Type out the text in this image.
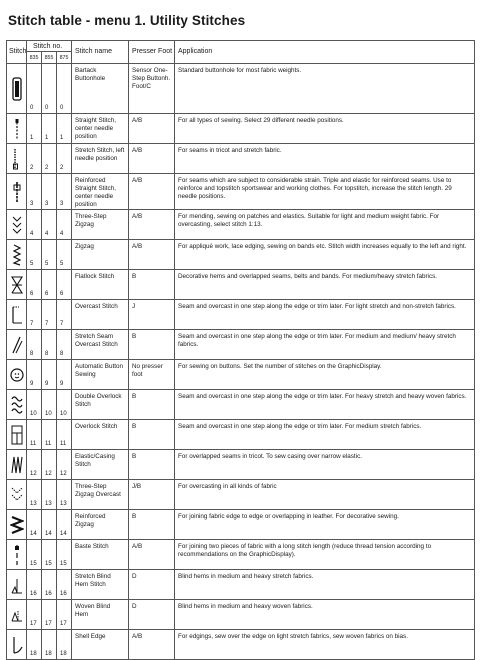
Stitch table - menu 1. Utility Stitches
Stitch	Stitch no.			Stitch name	Presser Foot	Application
	835	855	875			

0	0	0	Bartack Buttonhole	Sensor One-Step Buttonh. Foot/C	Standard buttonhole for most fabric weights.

1	1	1	Straight Stitch, center needle position	A/B	For all types of sewing. Select 29 different needle positions.

2	2	2	Stretch Stitch, left needle position	A/B	For seams in tricot and stretch fabric.

3	3	3	Reinforced Straight Stitch, center needle position	A/B	For seams which are subject to considerable strain. Triple and elastic for reinforced seams. Use to reinforce and topstitch sportswear and working clothes. For topstitch, increase the stitch length. 29 needle positions.

4	4	4	Three-Step Zigzag	A/B	For mending, sewing on patches and elastics. Suitable for light and medium weight fabric. For overcasting, select stitch 1:13.

5	5	5	Zigzag	A/B	For appliqué work, lace edging, sewing on bands etc. Stitch width increases equally to the left and right.

6	6	6	Flatlock Stitch	B	Decorative hems and overlapped seams, belts and bands. For medium/heavy stretch fabrics.

7	7	7	Overcast Stitch	J	Seam and overcast in one step along the edge or trim later. For light stretch and non-stretch fabrics.

8	8	8	Stretch Seam Overcast Stitch	B	Seam and overcast in one step along the edge or trim later. For medium and medium/ heavy stretch fabrics.

9	9	9	Automatic Button Sewing	No presser foot	For sewing on buttons. Set the number of stitches on the GraphicDisplay.

10	10	10	Double Overlock Stitch	B	Seam and overcast in one step along the edge or trim later. For heavy stretch and heavy woven fabrics.

11	11	11	Overlock Stitch	B	Seam and overcast in one step along the edge or trim later. For medium stretch fabrics.

12	12	12	Elastic/Casing Stitch	B	For overlapped seams in tricot. To sew casing over narrow elastic.

13	13	13	Three-Step Zigzag Overcast	J/B	For overcasting in all kinds of fabric

14	14	14	Reinforced Zigzag	B	For joining fabric edge to edge or overlapping in leather. For decorative sewing.

15	15	15	Baste Stitch	A/B	For joining two pieces of fabric with a long stitch length (reduce thread tension according to recommendations on the GraphicDisplay).

16	16	16	Stretch Blind Hem Stitch	D	Blind hems in medium and heavy stretch fabrics.

17	17	17	Woven Blind Hem	D	Blind hems in medium and heavy woven fabrics.

18	18	18	Shell Edge	A/B	For edgings, sew over the edge on light stretch fabrics, sew woven fabrics on bias.
